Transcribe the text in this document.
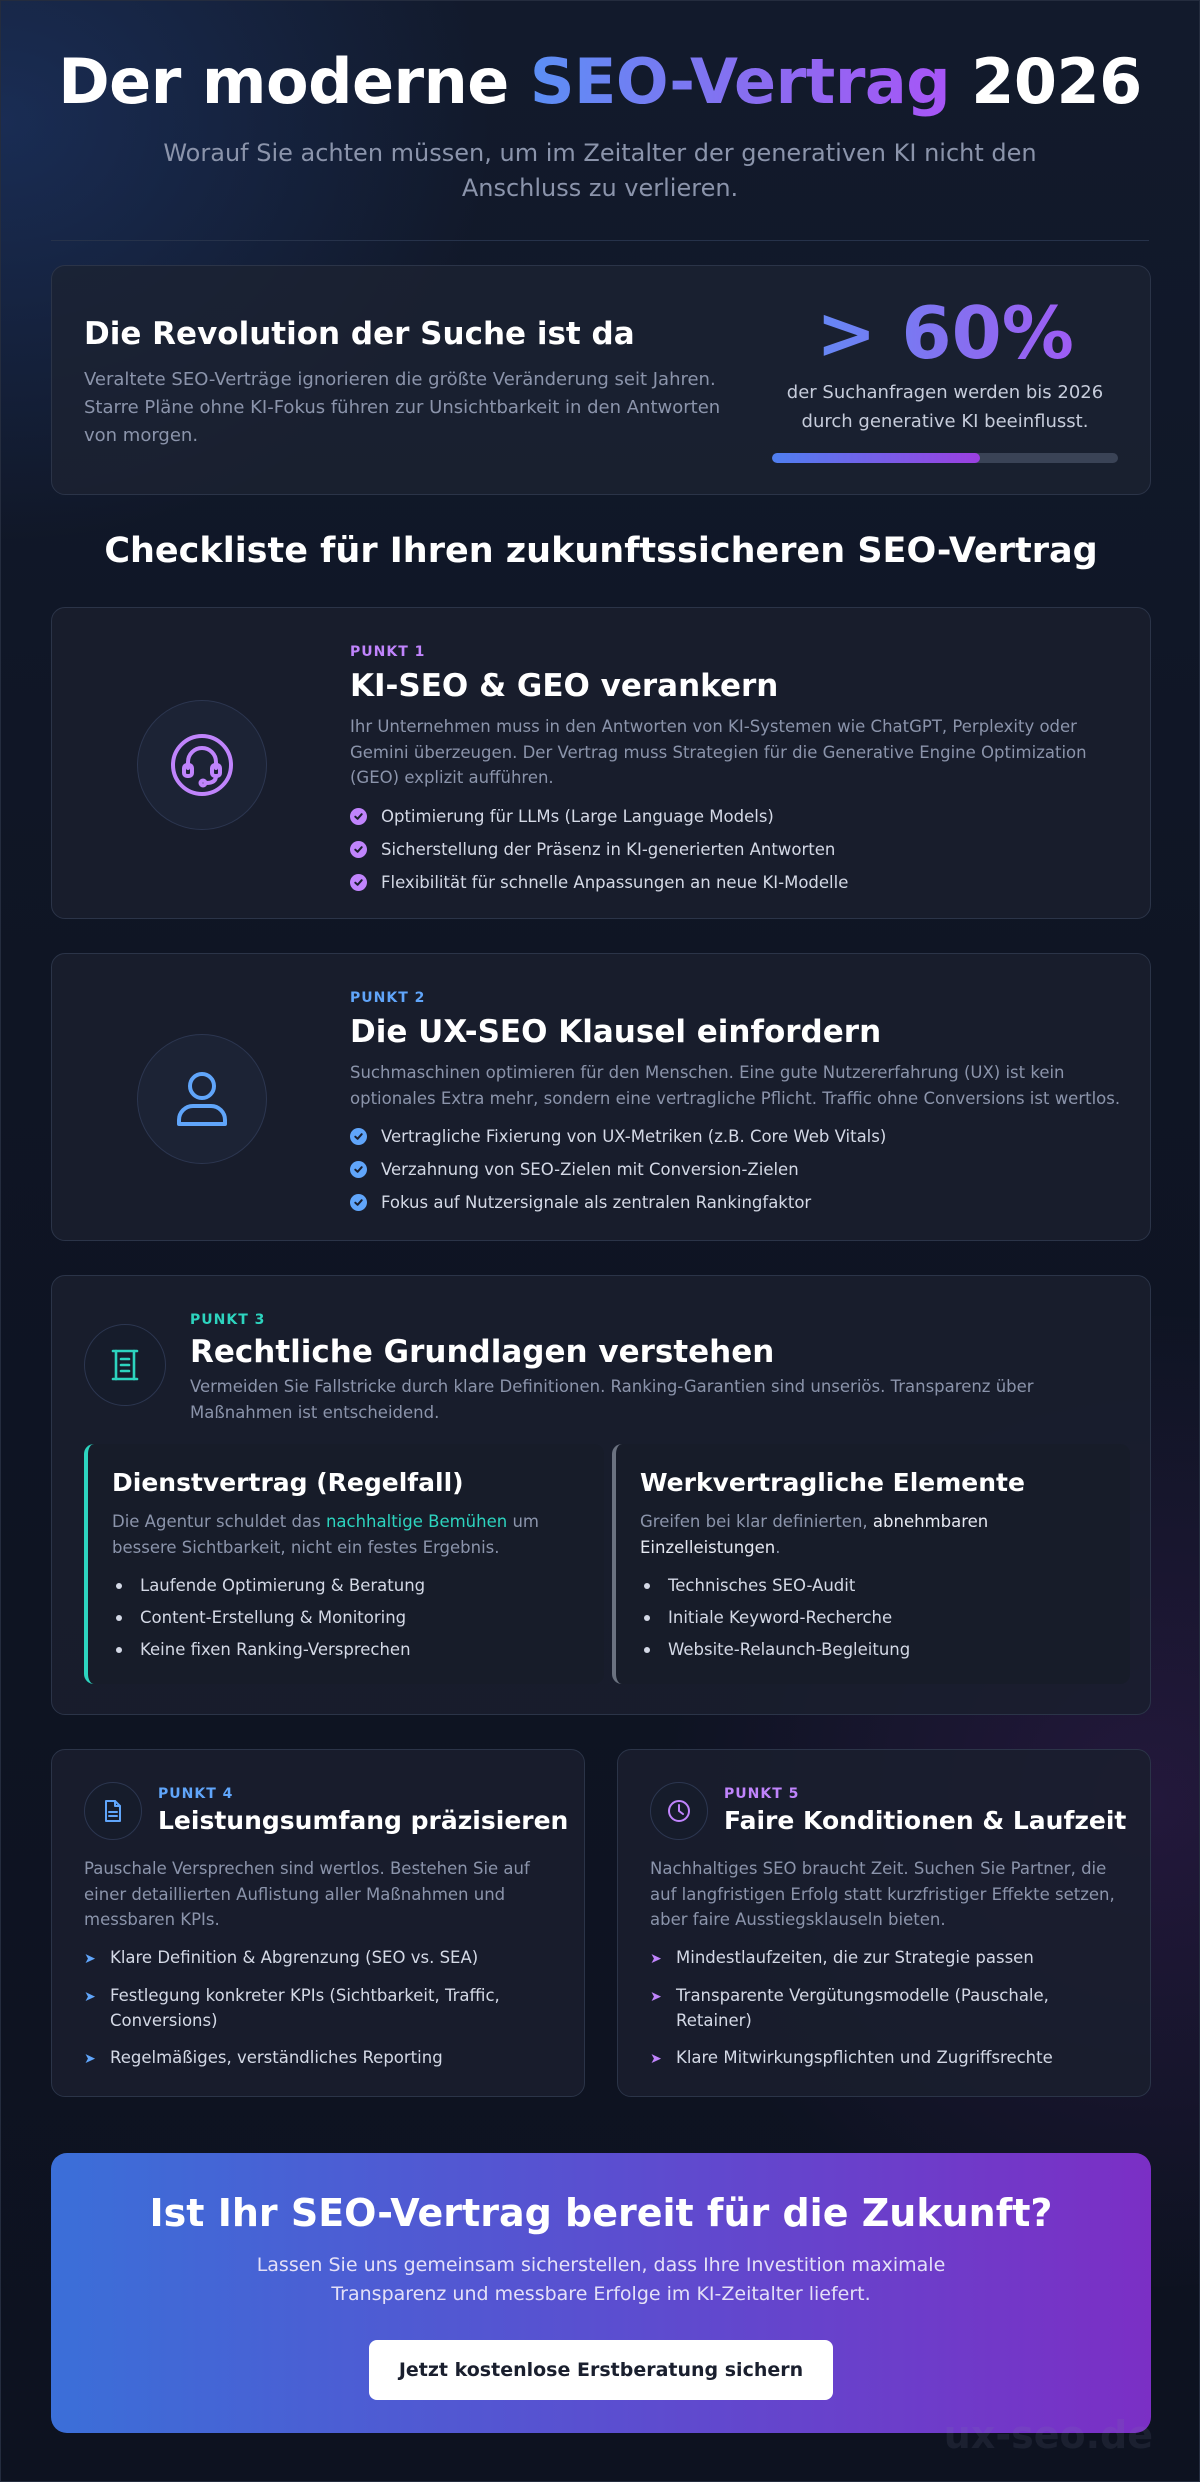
Der moderne SEO-Vertrag 2026

Worauf Sie achten müssen, um im Zeitalter der generativen KI nicht den Anschluss zu verlieren.

Die Revolution der Suche ist da

Veraltete SEO-Verträge ignorieren die größte Veränderung seit Jahren. Starre Pläne ohne KI-Fokus führen zur Unsichtbarkeit in den Antworten von morgen.

> 60%
der Suchanfragen werden bis 2026 durch generative KI beeinflusst.
Checkliste für Ihren zukunftssicheren SEO-Vertrag
PUNKT 1
KI-SEO & GEO verankern

Ihr Unternehmen muss in den Antworten von KI-Systemen wie ChatGPT, Perplexity oder Gemini überzeugen. Der Vertrag muss Strategien für die Generative Engine Optimization (GEO) explizit aufführen.

Optimierung für LLMs (Large Language Models)
Sicherstellung der Präsenz in KI-generierten Antworten
Flexibilität für schnelle Anpassungen an neue KI-Modelle
PUNKT 2
Die UX-SEO Klausel einfordern

Suchmaschinen optimieren für den Menschen. Eine gute Nutzererfahrung (UX) ist kein optionales Extra mehr, sondern eine vertragliche Pflicht. Traffic ohne Conversions ist wertlos.

Vertragliche Fixierung von UX-Metriken (z.B. Core Web Vitals)
Verzahnung von SEO-Zielen mit Conversion-Zielen
Fokus auf Nutzersignale als zentralen Rankingfaktor
PUNKT 3
Rechtliche Grundlagen verstehen

Vermeiden Sie Fallstricke durch klare Definitionen. Ranking-Garantien sind unseriös. Transparenz über Maßnahmen ist entscheidend.

Dienstvertrag (Regelfall)

Die Agentur schuldet das nachhaltige Bemühen um bessere Sichtbarkeit, nicht ein festes Ergebnis.

Laufende Optimierung & Beratung
Content-Erstellung & Monitoring
Keine fixen Ranking-Versprechen
Werkvertragliche Elemente

Greifen bei klar definierten, abnehmbaren Einzelleistungen.

Technisches SEO-Audit
Initiale Keyword-Recherche
Website-Relaunch-Begleitung
PUNKT 4
Leistungsumfang präzisieren

Pauschale Versprechen sind wertlos. Bestehen Sie auf einer detaillierten Auflistung aller Maßnahmen und messbaren KPIs.

➤ Klare Definition & Abgrenzung (SEO vs. SEA)
➤ Festlegung konkreter KPIs (Sichtbarkeit, Traffic, Conversions)
➤ Regelmäßiges, verständliches Reporting
PUNKT 5
Faire Konditionen & Laufzeit

Nachhaltiges SEO braucht Zeit. Suchen Sie Partner, die auf langfristigen Erfolg statt kurzfristiger Effekte setzen, aber faire Ausstiegsklauseln bieten.

➤ Mindestlaufzeiten, die zur Strategie passen
➤ Transparente Vergütungsmodelle (Pauschale, Retainer)
➤ Klare Mitwirkungspflichten und Zugriffsrechte
Ist Ihr SEO-Vertrag bereit für die Zukunft?

Lassen Sie uns gemeinsam sicherstellen, dass Ihre Investition maximale Transparenz und messbare Erfolge im KI-Zeitalter liefert.

Jetzt kostenlose Erstberatung sichern
ux-seo.de
